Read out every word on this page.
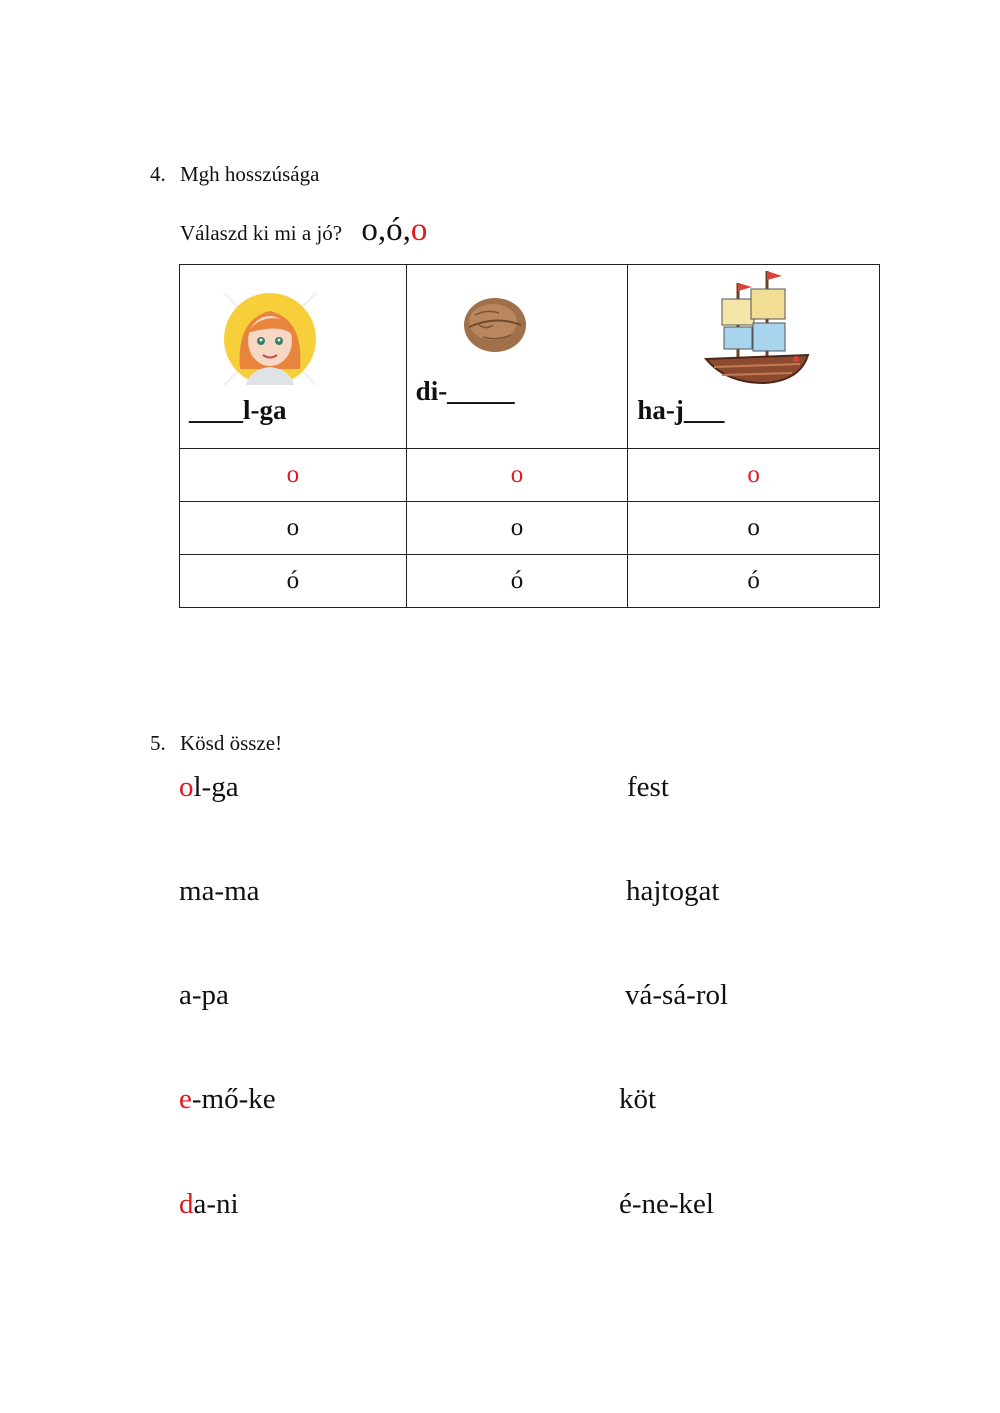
4. Mgh hosszúsága
Válaszd ki mi a jó? o,ó,o
____l-ga	di-_____	ha-j___

o	o	o
o	o	o
ó	ó	ó
5. Kösd össze!
ol-ga
ma-ma
a-pa
e-mő-ke
da-ni
fest
hajtogat
vá-sá-rol
köt
é-ne-kel
